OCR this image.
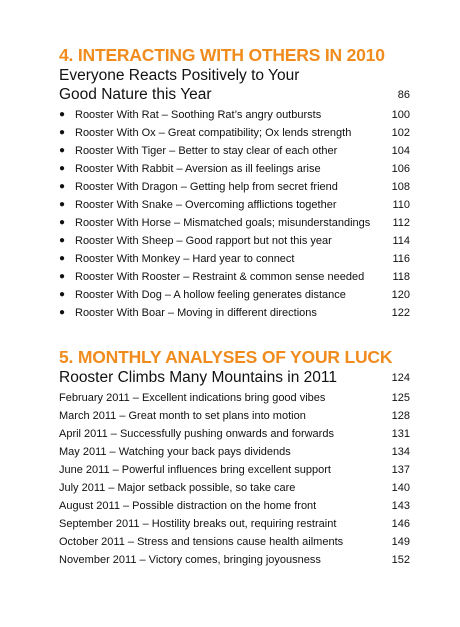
4. INTERACTING WITH OTHERS IN 2010
Everyone Reacts Positively to Your
Good Nature this Year	86
● Rooster With Rat – Soothing Rat’s angry outbursts	100
● Rooster With Ox – Great compatibility; Ox lends strength	102
● Rooster With Tiger – Better to stay clear of each other	104
● Rooster With Rabbit – Aversion as ill feelings arise	106
● Rooster With Dragon – Getting help from secret friend	108
● Rooster With Snake – Overcoming afflictions together	110
● Rooster With Horse – Mismatched goals; misunderstandings	112
● Rooster With Sheep – Good rapport but not this year	114
● Rooster With Monkey – Hard year to connect	116
● Rooster With Rooster – Restraint & common sense needed	118
● Rooster With Dog – A hollow feeling generates distance	120
● Rooster With Boar – Moving in different directions	122
5. MONTHLY ANALYSES OF YOUR LUCK
Rooster Climbs Many Mountains in 2011	124
February 2011 – Excellent indications bring good vibes	125
March 2011 – Great month to set plans into motion	128
April 2011 – Successfully pushing onwards and forwards	131
May 2011 – Watching your back pays dividends	134
June 2011 – Powerful influences bring excellent support	137
July 2011 – Major setback possible, so take care	140
August 2011 – Possible distraction on the home front	143
September 2011 – Hostility breaks out, requiring restraint	146
October 2011 – Stress and tensions cause health ailments	149
November 2011 – Victory comes, bringing joyousness	152
